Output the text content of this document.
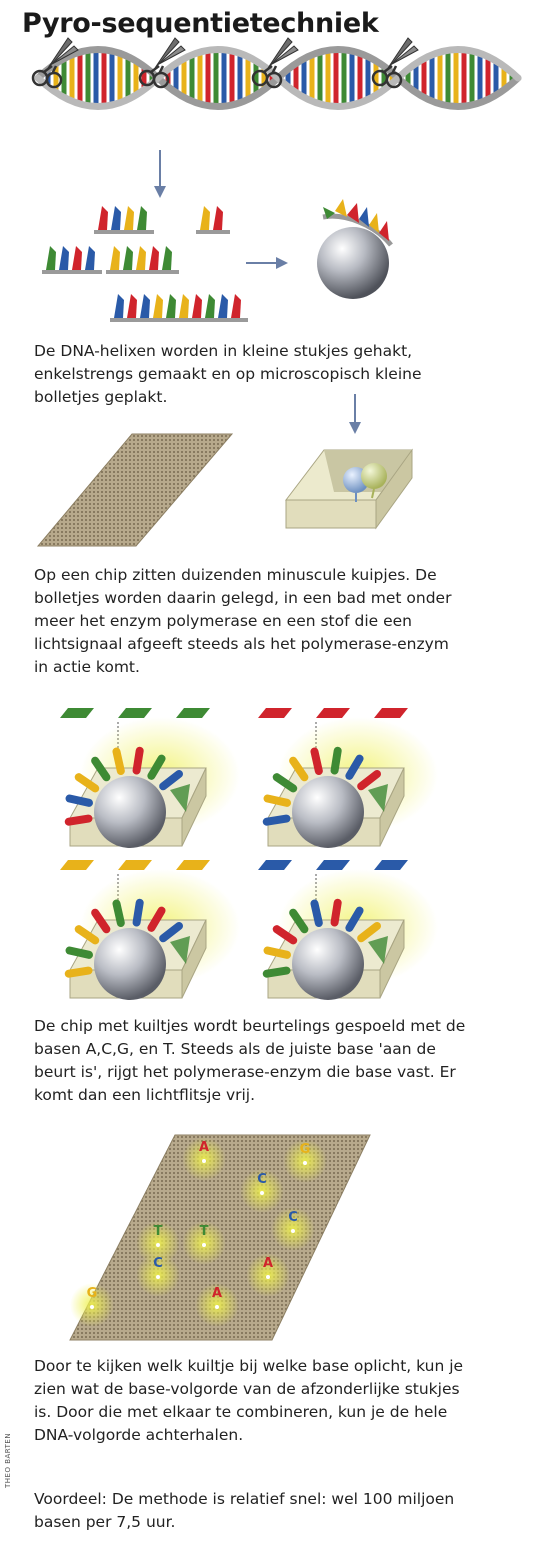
Pyro-sequentietechniek
De DNA-helixen worden in kleine stukjes gehakt,
enkelstrengs gemaakt en op microscopisch kleine
bolletjes geplakt.
Op een chip zitten duizenden minuscule kuipjes. De
bolletjes worden daarin gelegd, in een bad met onder
meer het enzym polymerase en een stof die een
lichtsignaal afgeeft steeds als het polymerase-enzym
in actie komt.
De chip met kuiltjes wordt beurtelings gespoeld met de
basen A,C,G, en T. Steeds als de juiste base 'aan de
beurt is', rijgt het polymerase-enzym die base vast. Er
komt dan een lichtflitsje vrij.
A	G
C
C
T	T
C	A
G	A
Door te kijken welk kuiltje bij welke base oplicht, kun je
zien wat de base-volgorde van de afzonderlijke stukjes
is. Door die met elkaar te combineren, kun je de hele
DNA-volgorde achterhalen.
THEO BARTEN
Voordeel: De methode is relatief snel: wel 100 miljoen
basen per 7,5 uur.
